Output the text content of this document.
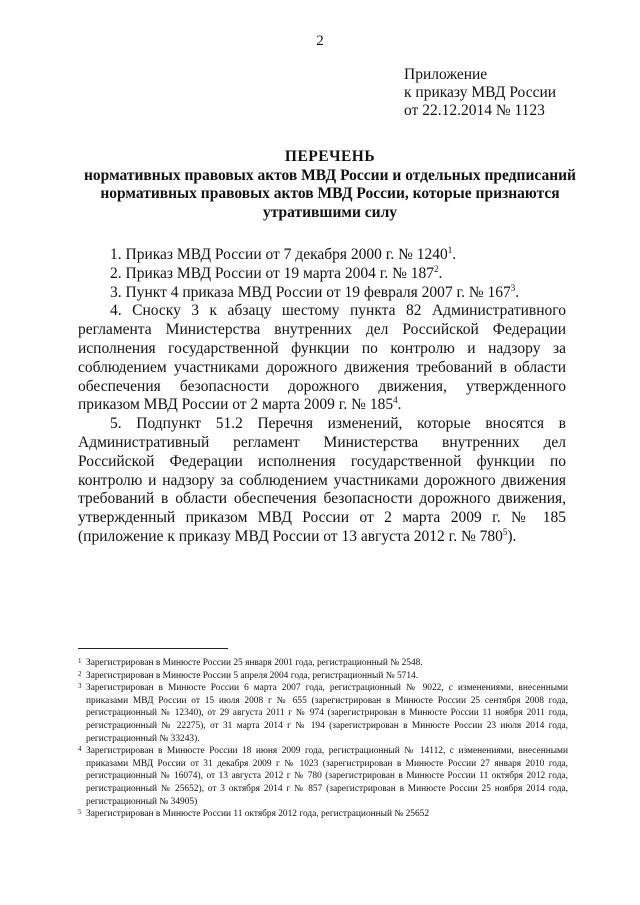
2
Приложение
к приказу МВД России
от 22.12.2014 № 1123
ПЕРЕЧЕНЬ
нормативных правовых актов МВД России и отдельных предписаний
нормативных правовых актов МВД России, которые признаются
утратившими силу

1. Приказ МВД России от 7 декабря 2000 г. № 1240$^1$.

2. Приказ МВД России от 19 марта 2004 г. № $187^2$.

3. Пункт 4 приказа МВД России от 19 февраля 2007 г. № $167^3$.

4. Сноску 3 к абзацу шестому пункта 82 Административного регламента Министерства внутренних дел Российской Федерации исполнения государственной функции по контролю и надзору за соблюдением участниками дорожного движения требований в области обеспечения безопасности дорожного движения, утвержденного приказом МВД России от 2 марта 2009 г. № $185^4$.

5. Подпункт 51.2 Перечня изменений, которые вносятся в Административный регламент Министерства внутренних дел Российской Федерации исполнения государственной функции по контролю и надзору за соблюдением участниками дорожного движения требований в области обеспечения безопасности дорожного движения, утвержденный приказом МВД России от 2 марта 2009 г. № 185 (приложение к приказу МВД России от 13 августа 2012 г. № $780^5$).

1 Зарегистрирован в Минюсте России 25 января 2001 года, регистрационный № 2548.

2 Зарегистрирован в Минюсте России 5 апреля 2004 года, регистрационный № 5714.

3 Зарегистрирован в Минюсте России 6 марта 2007 года, регистрационный № 9022, с изменениями, внесенными приказами МВД России от 15 июля 2008 г № 655 (зарегистрирован в Минюсте России 25 сентября 2008 года, регистрационный № 12340), от 29 августа 2011 г № 974 (зарегистрирован в Минюсте России 11 ноября 2011 года, регистрационный № 22275), от 31 марта 2014 г № 194 (зарегистрирован в Минюсте России 23 июля 2014 года, регистрационный № 33243).

4 Зарегистрирован в Минюсте России 18 июня 2009 года, регистрационный № 14112, с изменениями, внесенными приказами МВД России от 31 декабря 2009 г № 1023 (зарегистрирован в Минюсте России 27 января 2010 года, регистрационный № 16074), от 13 августа 2012 г № 780 (зарегистрирован в Минюсте России 11 октября 2012 года, регистрационный № 25652), от 3 октября 2014 г № 857 (зарегистрирован в Минюсте России 25 ноября 2014 года, регистрационный № 34905)

5 Зарегистрирован в Минюсте России 11 октября 2012 года, регистрационный № 25652
